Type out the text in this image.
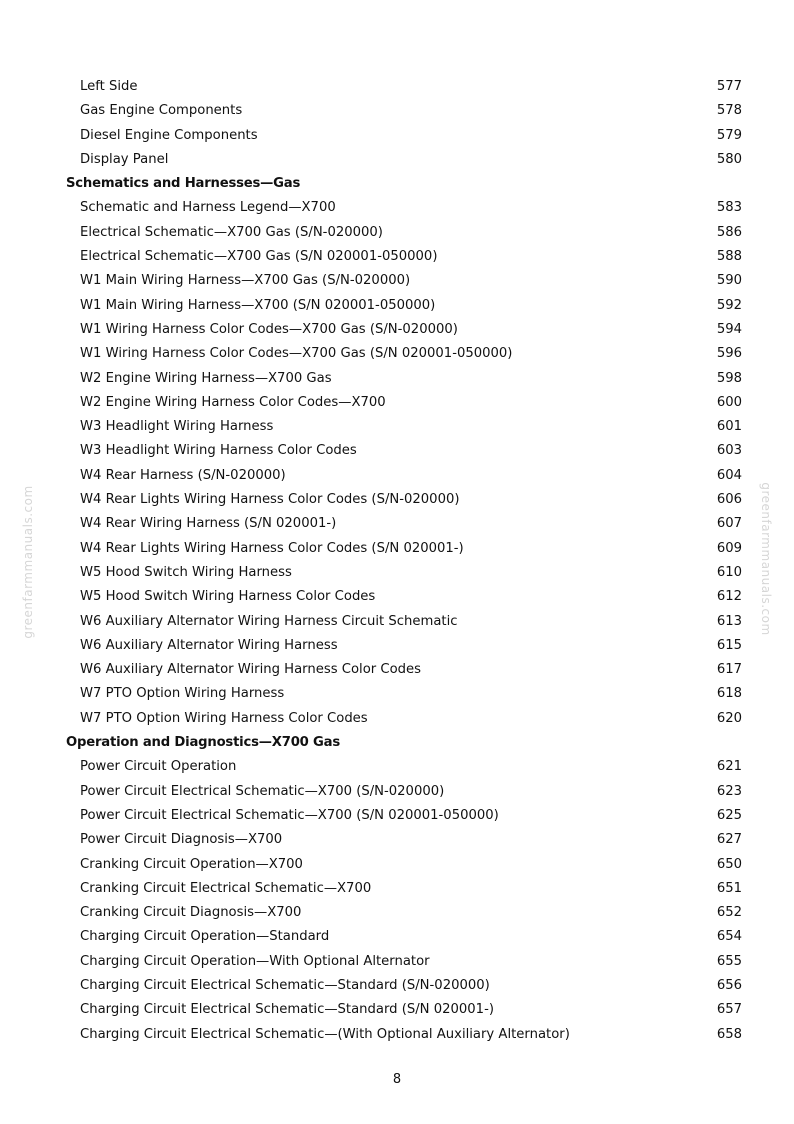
greenfarmmanuals.com	greenfarmmanuals.com
Left Side	577
Gas Engine Components	578
Diesel Engine Components	579
Display Panel	580
Schematics and Harnesses—Gas
Schematic and Harness Legend—X700	583
Electrical Schematic—X700 Gas (S/N-020000)	586
Electrical Schematic—X700 Gas (S/N 020001-050000)	588
W1 Main Wiring Harness—X700 Gas (S/N-020000)	590
W1 Main Wiring Harness—X700 (S/N 020001-050000)	592
W1 Wiring Harness Color Codes—X700 Gas (S/N-020000)	594
W1 Wiring Harness Color Codes—X700 Gas (S/N 020001-050000)	596
W2 Engine Wiring Harness—X700 Gas	598
W2 Engine Wiring Harness Color Codes—X700	600
W3 Headlight Wiring Harness	601
W3 Headlight Wiring Harness Color Codes	603
W4 Rear Harness (S/N-020000)	604
W4 Rear Lights Wiring Harness Color Codes (S/N-020000)	606
W4 Rear Wiring Harness (S/N 020001-)	607
W4 Rear Lights Wiring Harness Color Codes (S/N 020001-)	609
W5 Hood Switch Wiring Harness	610
W5 Hood Switch Wiring Harness Color Codes	612
W6 Auxiliary Alternator Wiring Harness Circuit Schematic	613
W6 Auxiliary Alternator Wiring Harness	615
W6 Auxiliary Alternator Wiring Harness Color Codes	617
W7 PTO Option Wiring Harness	618
W7 PTO Option Wiring Harness Color Codes	620
Operation and Diagnostics—X700 Gas
Power Circuit Operation	621
Power Circuit Electrical Schematic—X700 (S/N-020000)	623
Power Circuit Electrical Schematic—X700 (S/N 020001-050000)	625
Power Circuit Diagnosis—X700	627
Cranking Circuit Operation—X700	650
Cranking Circuit Electrical Schematic—X700	651
Cranking Circuit Diagnosis—X700	652
Charging Circuit Operation—Standard	654
Charging Circuit Operation—With Optional Alternator	655
Charging Circuit Electrical Schematic—Standard (S/N-020000)	656
Charging Circuit Electrical Schematic—Standard (S/N 020001-)	657
Charging Circuit Electrical Schematic—(With Optional Auxiliary Alternator)	658
8
